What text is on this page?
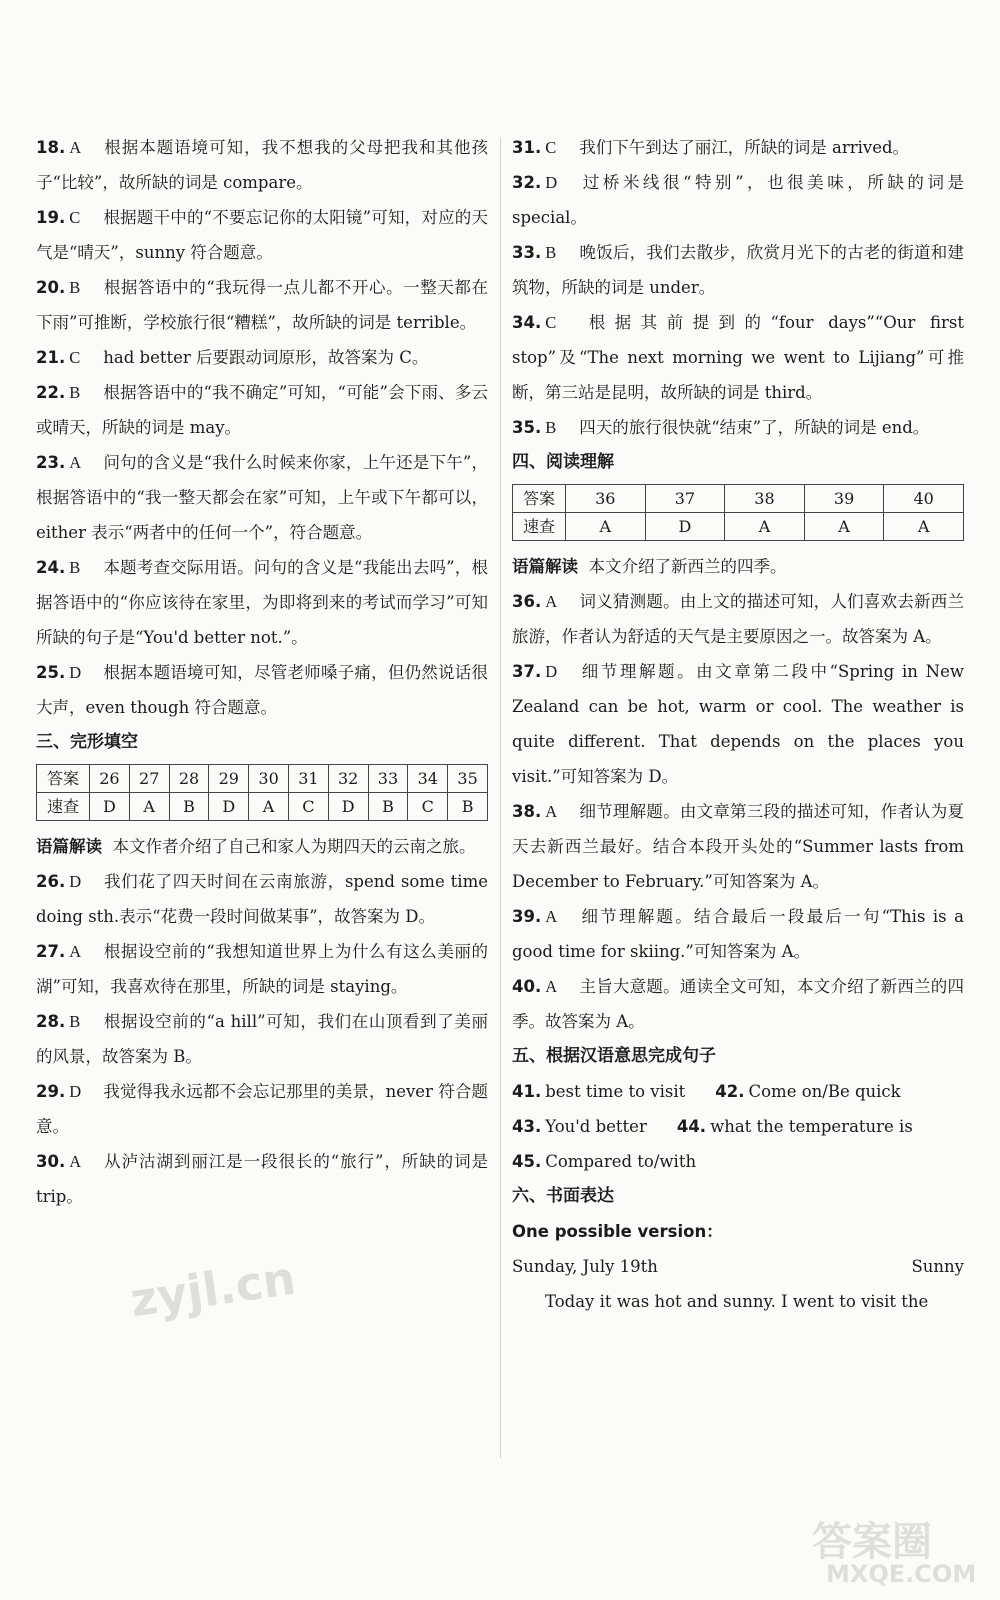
18. A 根据本题语境可知，我不想我的父母把我和其他孩子“比较”，故所缺的词是 compare。

19. C 根据题干中的“不要忘记你的太阳镜”可知，对应的天气是“晴天”，sunny 符合题意。

20. B 根据答语中的“我玩得一点儿都不开心。一整天都在下雨”可推断，学校旅行很“糟糕”，故所缺的词是 terrible。

21. C had better 后要跟动词原形，故答案为 C。

22. B 根据答语中的“我不确定”可知，“可能”会下雨、多云或晴天，所缺的词是 may。

23. A 问句的含义是“我什么时候来你家，上午还是下午”，根据答语中的“我一整天都会在家”可知，上午或下午都可以，either 表示“两者中的任何一个”，符合题意。

24. B 本题考查交际用语。问句的含义是“我能出去吗”，根据答语中的“你应该待在家里，为即将到来的考试而学习”可知所缺的句子是“You'd better not.”。

25. D 根据本题语境可知，尽管老师嗓子痛，但仍然说话很大声，even though 符合题意。

三、完形填空

答案	26	27	28	29	30	31	32	33	34	35
速查	D	A	B	D	A	C	D	B	C	B

语篇解读 本文作者介绍了自己和家人为期四天的云南之旅。

26. D 我们花了四天时间在云南旅游，spend some time doing sth.表示“花费一段时间做某事”，故答案为 D。

27. A 根据设空前的“我想知道世界上为什么有这么美丽的湖”可知，我喜欢待在那里，所缺的词是 staying。

28. B 根据设空前的“a hill”可知，我们在山顶看到了美丽的风景，故答案为 B。

29. D 我觉得我永远都不会忘记那里的美景，never 符合题意。

30. A 从泸沽湖到丽江是一段很长的“旅行”，所缺的词是 trip。

31. C 我们下午到达了丽江，所缺的词是 arrived。

32. D 过桥米线很“特别”，也很美味，所缺的词是 special。

33. B 晚饭后，我们去散步，欣赏月光下的古老的街道和建筑物，所缺的词是 under。

34. C 根据其前提到的“four days”“Our first stop”及“The next morning we went to Lijiang”可推断，第三站是昆明，故所缺的词是 third。

35. B 四天的旅行很快就“结束”了，所缺的词是 end。

四、阅读理解

答案	36	37	38	39	40
速查	A	D	A	A	A

语篇解读 本文介绍了新西兰的四季。

36. A 词义猜测题。由上文的描述可知，人们喜欢去新西兰旅游，作者认为舒适的天气是主要原因之一。故答案为 A。

37. D 细节理解题。由文章第二段中“Spring in New Zealand can be hot, warm or cool. The weather is quite different. That depends on the places you visit.”可知答案为 D。

38. A 细节理解题。由文章第三段的描述可知，作者认为夏天去新西兰最好。结合本段开头处的“Summer lasts from December to February.”可知答案为 A。

39. A 细节理解题。结合最后一段最后一句“This is a good time for skiing.”可知答案为 A。

40. A 主旨大意题。通读全文可知，本文介绍了新西兰的四季。故答案为 A。

五、根据汉语意思完成句子

41. best time to visit 42. Come on/Be quick

43. You'd better 44. what the temperature is

45. Compared to/with

六、书面表达

One possible version：

Sunday, July 19th	Sunny

Today it was hot and sunny. I went to visit the

zyjl.cn
答案圈
MXQE.COM
